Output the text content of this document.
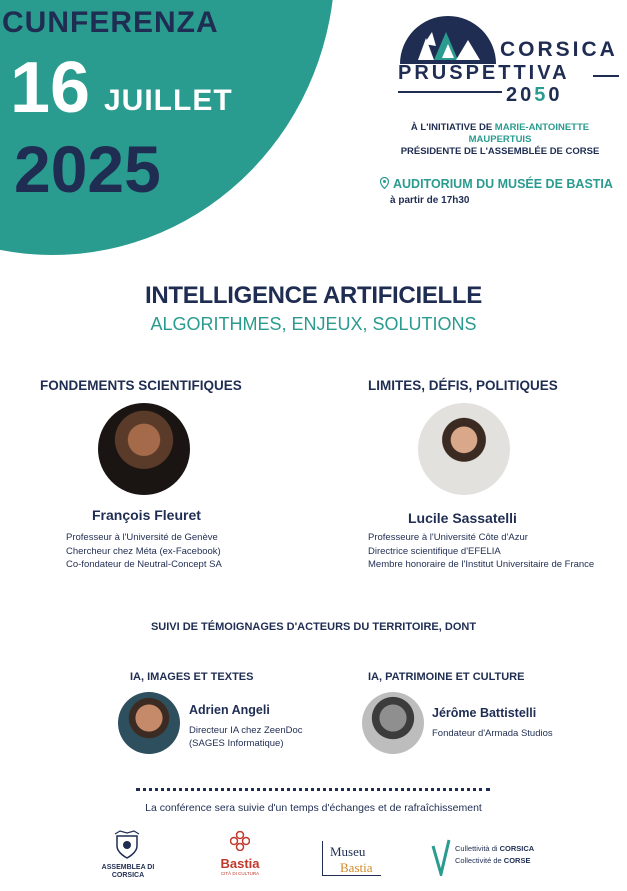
CUNFERENZA
16 JUILLET
2025
CORSICA
PRUSPETTIVA
2050
À L'INITIATIVE DE MARIE-ANTOINETTE MAUPERTUIS
PRÉSIDENTE DE L'ASSEMBLÉE DE CORSE
AUDITORIUM DU MUSÉE DE BASTIA
à partir de 17h30
INTELLIGENCE ARTIFICIELLE
ALGORITHMES, ENJEUX, SOLUTIONS
FONDEMENTS SCIENTIFIQUES	LIMITES, DÉFIS, POLITIQUES
François Fleuret
Professeur à l'Université de Genève
Chercheur chez Méta (ex-Facebook)
Co-fondateur de Neutral-Concept SA
Lucile Sassatelli
Professeure à l'Université Côte d'Azur
Directrice scientifique d'EFELIA
Membre honoraire de l'Institut Universitaire de France
SUIVI DE TÉMOIGNAGES D'ACTEURS DU TERRITOIRE, DONT
IA, IMAGES ET TEXTES	IA, PATRIMOINE ET CULTURE
Adrien Angeli
Directeur IA chez ZeenDoc
(SAGES Informatique)
Jérôme Battistelli
Fondateur d'Armada Studios
La conférence sera suivie d'un temps d'échanges et de rafraîchissement
ASSEMBLEA DI
CORSICA
Bastia
CITÀ DI CULTURA
Museu
Bastia
Cullettività di CORSICA
Collectivité de CORSE
